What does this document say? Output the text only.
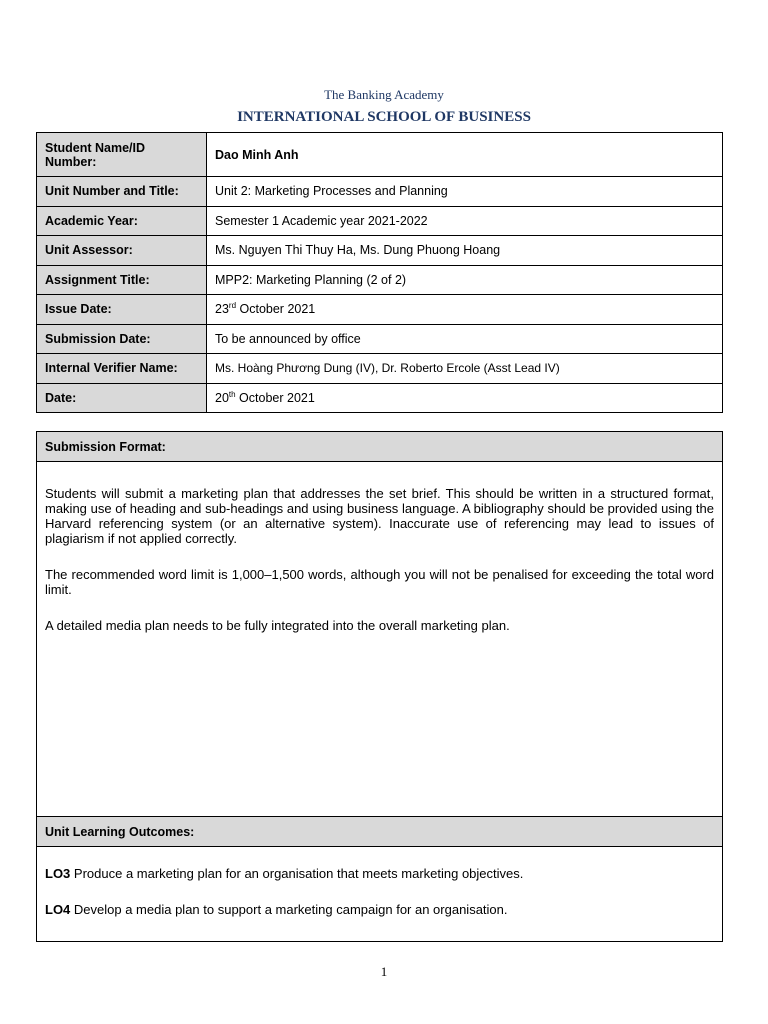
The Banking Academy
INTERNATIONAL SCHOOL OF BUSINESS
Student Name/ID Number:	Dao Minh Anh
Unit Number and Title:	Unit 2: Marketing Processes and Planning
Academic Year:	Semester 1 Academic year 2021-2022
Unit Assessor:	Ms. Nguyen Thi Thuy Ha, Ms. Dung Phuong Hoang
Assignment Title:	MPP2: Marketing Planning (2 of 2)
Issue Date:	23rd October 2021
Submission Date:	To be announced by office
Internal Verifier Name:	Ms. Hoàng Phương Dung (IV), Dr. Roberto Ercole (Asst Lead IV)
Date:	20th October 2021
Submission Format:

Students will submit a marketing plan that addresses the set brief. This should be written in a structured format, making use of heading and sub-headings and using business language. A bibliography should be provided using the Harvard referencing system (or an alternative system). Inaccurate use of referencing may lead to issues of plagiarism if not applied correctly.

The recommended word limit is 1,000–1,500 words, although you will not be penalised for exceeding the total word limit.

A detailed media plan needs to be fully integrated into the overall marketing plan.

Unit Learning Outcomes:

LO3 Produce a marketing plan for an organisation that meets marketing objectives.

LO4 Develop a media plan to support a marketing campaign for an organisation.

1
